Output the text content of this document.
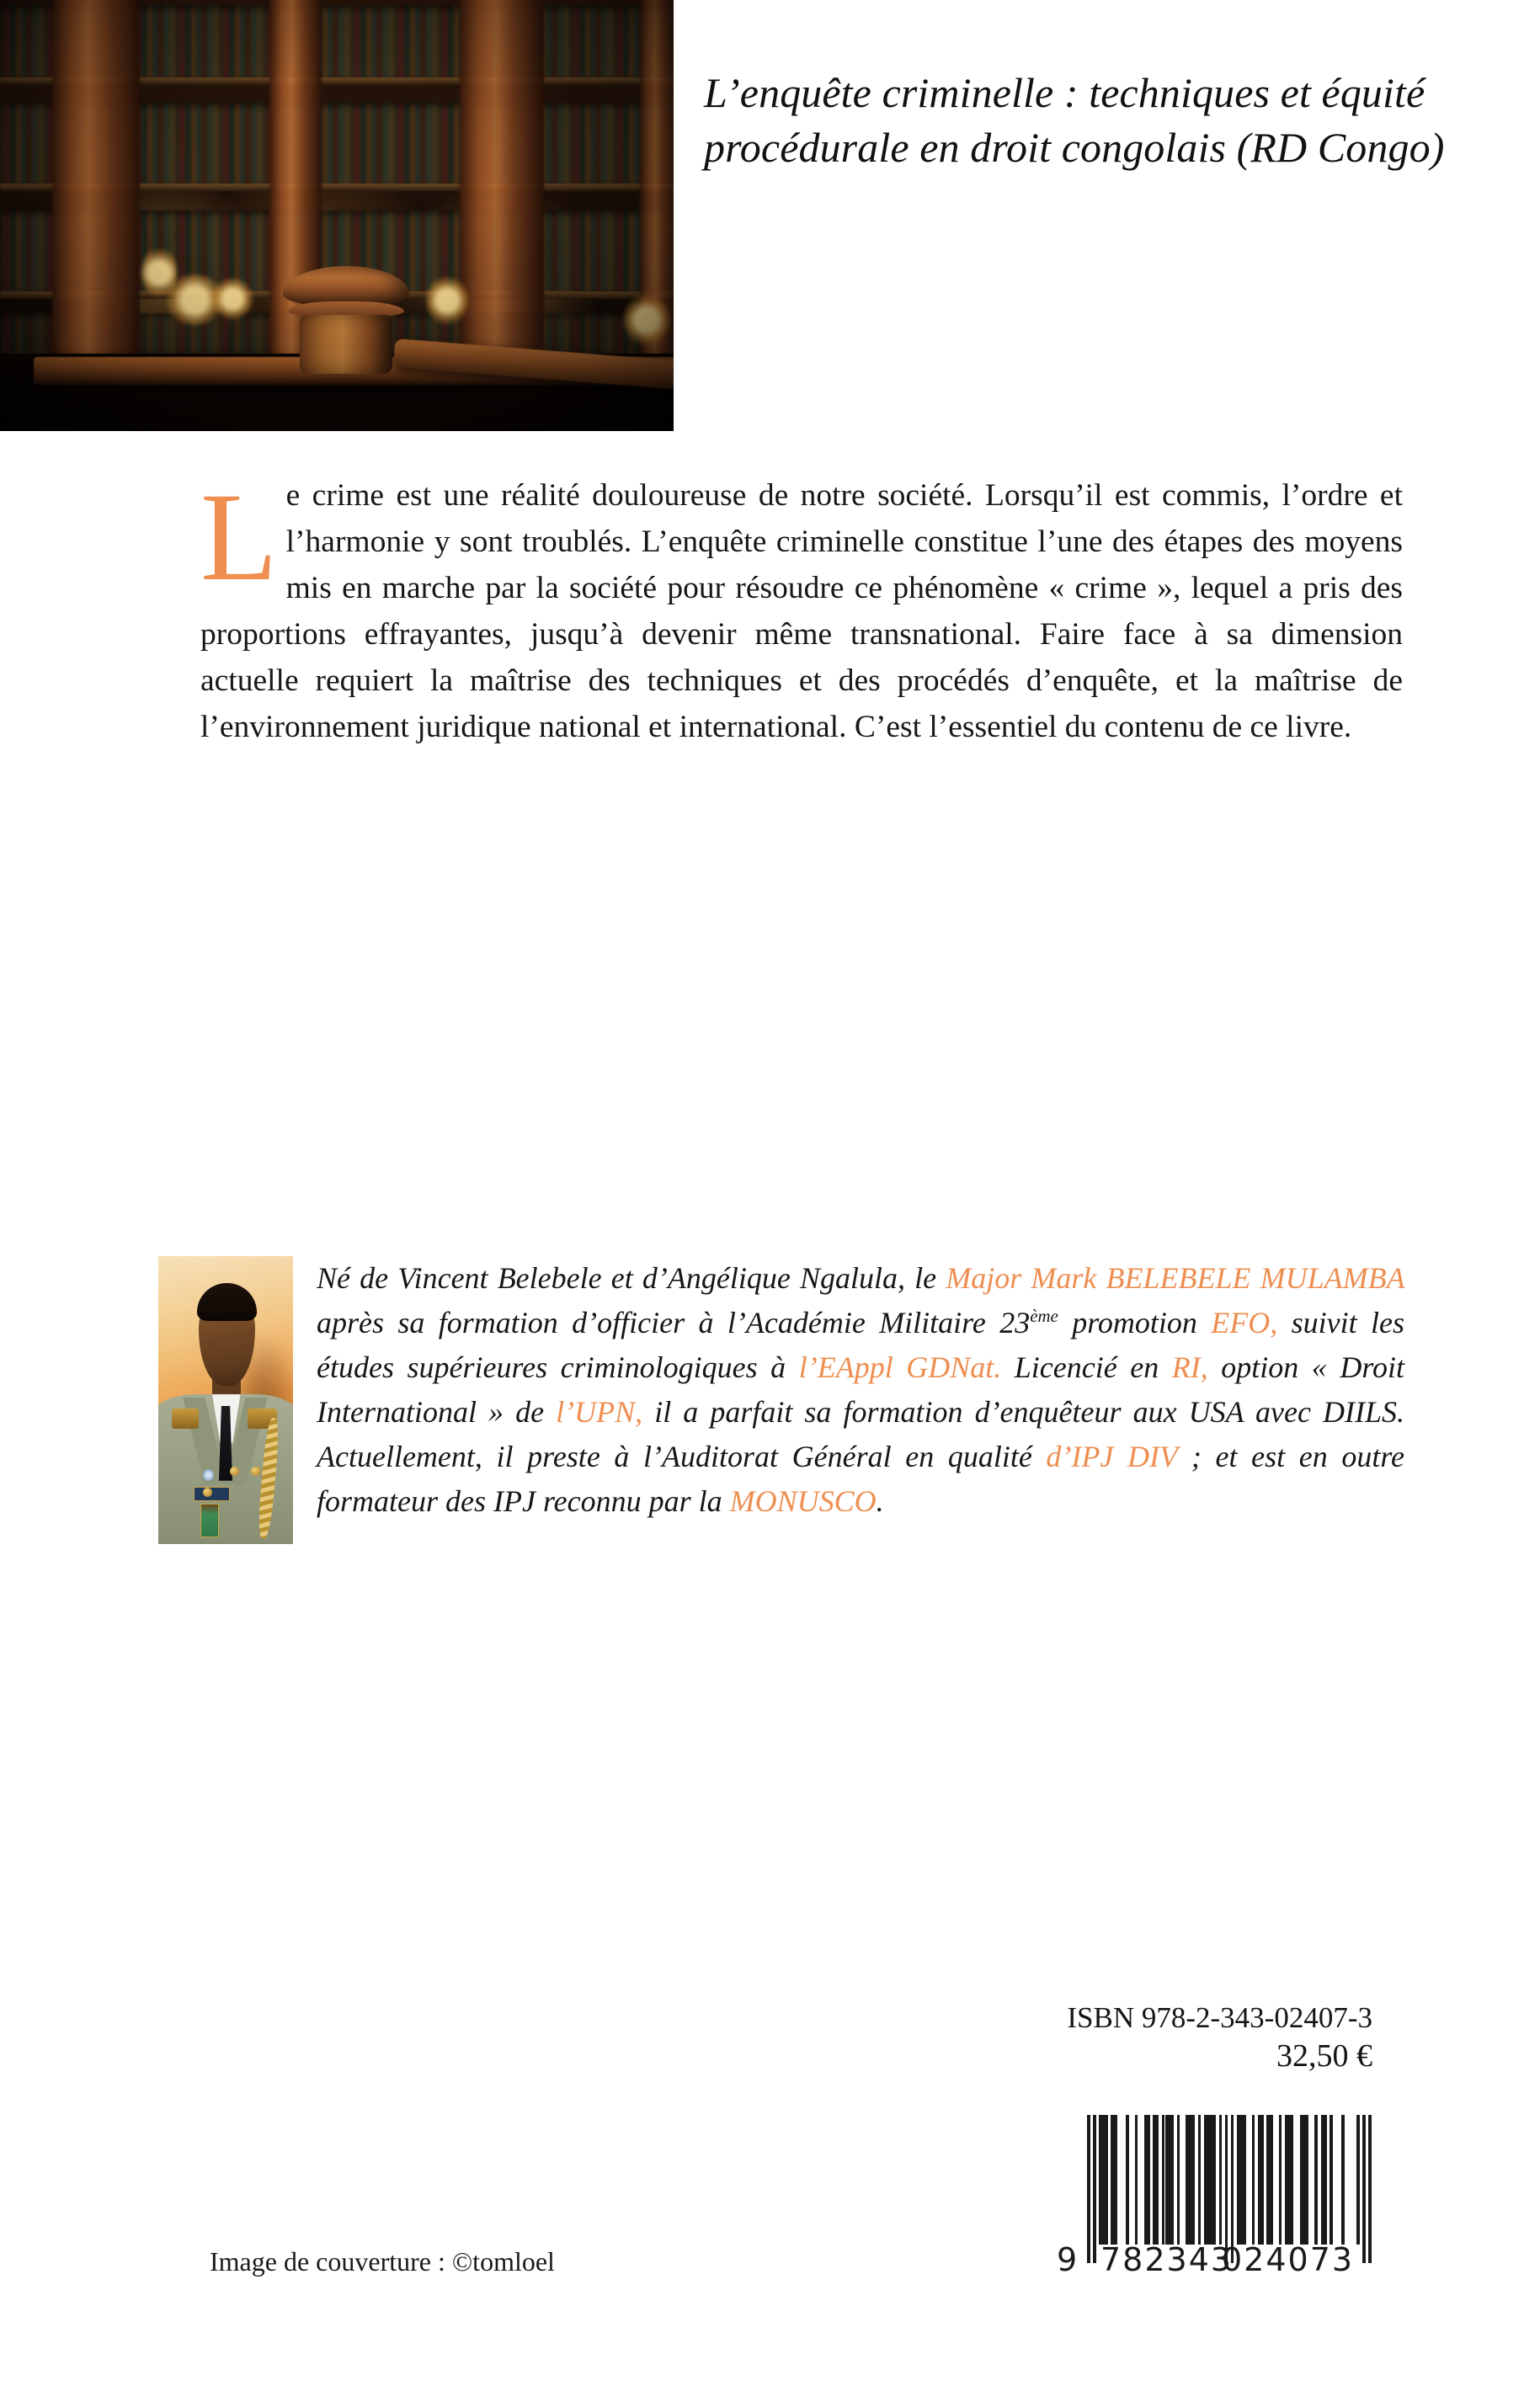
L’enquête criminelle : techniques et équité procédurale en droit congolais (RD Congo)
Le crime est une réalité douloureuse de notre société. Lorsqu’il est commis, l’ordre et l’harmonie y sont troublés. L’enquête criminelle constitue l’une des étapes des moyens mis en marche par la société pour résoudre ce phénomène « crime », lequel a pris des proportions effrayantes, jusqu’à devenir même transnational. Faire face à sa dimension actuelle requiert la maîtrise des techniques et des procédés d’enquête, et la maîtrise de l’environnement juridique national et international. C’est l’essentiel du contenu de ce livre.
Né de Vincent Belebele et d’Angélique Ngalula, le Major Mark BELEBELE MULAMBA après sa formation d’officier à l’Académie Militaire 23ème promotion EFO, suivit les études supérieures criminologiques à l’EAppl GDNat. Licencié en RI, option « Droit International » de l’UPN, il a parfait sa formation d’enquêteur aux USA avec DIILS. Actuellement, il preste à l’Auditorat Général en qualité d’IPJ DIV ; et est en outre formateur des IPJ reconnu par la MONUSCO.
ISBN 978-2-343-02407-3
32,50 €
9 782343
024073
Image de couverture : ©tomloel
